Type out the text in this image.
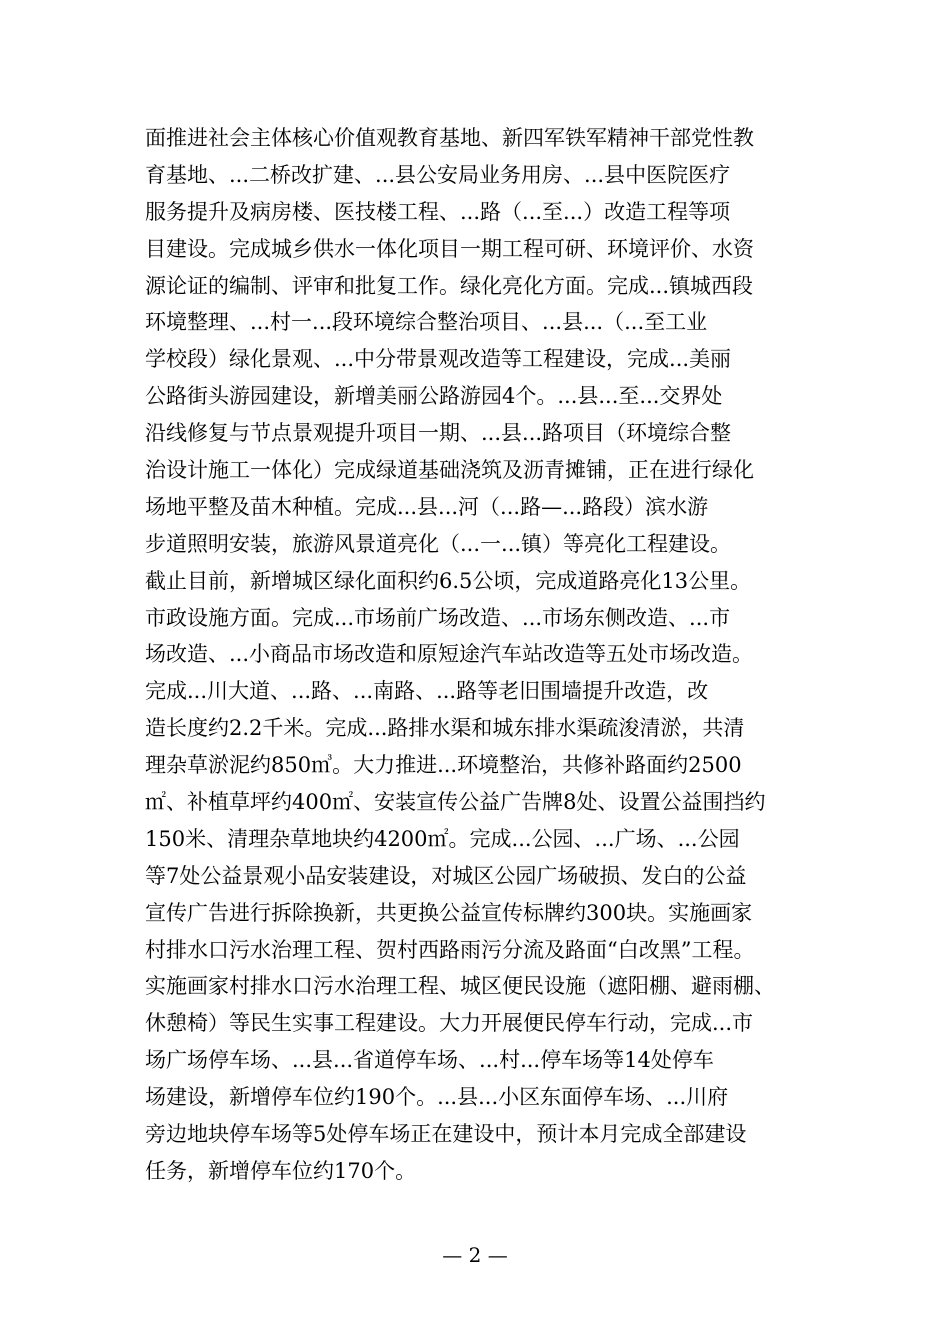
面推进社会主体核心价值观教育基地、新四军铁军精神干部党性教
育基地、...二桥改扩建、...县公安局业务用房、...县中医院医疗
服务提升及病房楼、医技楼工程、...路（...至...）改造工程等项
目建设。完成城乡供水一体化项目一期工程可研、环境评价、水资
源论证的编制、评审和批复工作。绿化亮化方面。完成...镇城西段
环境整理、...村一...段环境综合整治项目、...县...（...至工业
学校段）绿化景观、...中分带景观改造等工程建设，完成...美丽
公路街头游园建设，新增美丽公路游园4个。...县...至...交界处
沿线修复与节点景观提升项目一期、...县...路项目（环境综合整
治设计施工一体化）完成绿道基础浇筑及沥青摊铺，正在进行绿化
场地平整及苗木种植。完成...县...河（...路—...路段）滨水游
步道照明安装，旅游风景道亮化（...一...镇）等亮化工程建设。
截止目前，新增城区绿化面积约6.5公顷，完成道路亮化13公里。
市政设施方面。完成...市场前广场改造、...市场东侧改造、...市
场改造、...小商品市场改造和原短途汽车站改造等五处市场改造。
完成...川大道、...路、...南路、...路等老旧围墙提升改造，改
造长度约2.2千米。完成...路排水渠和城东排水渠疏浚清淤，共清
理杂草淤泥约850㎥。大力推进...环境整治，共修补路面约2500
㎡、补植草坪约400㎡、安装宣传公益广告牌8处、设置公益围挡约
150米、清理杂草地块约4200㎡。完成...公园、...广场、...公园
等7处公益景观小品安装建设，对城区公园广场破损、发白的公益
宣传广告进行拆除换新，共更换公益宣传标牌约300块。实施画家
村排水口污水治理工程、贺村西路雨污分流及路面“白改黑”工程。
实施画家村排水口污水治理工程、城区便民设施（遮阳棚、避雨棚、
休憩椅）等民生实事工程建设。大力开展便民停车行动，完成...市
场广场停车场、...县...省道停车场、...村...停车场等14处停车
场建设，新增停车位约190个。...县...小区东面停车场、...川府
旁边地块停车场等5处停车场正在建设中，预计本月完成全部建设
任务，新增停车位约170个。
— 2 —
